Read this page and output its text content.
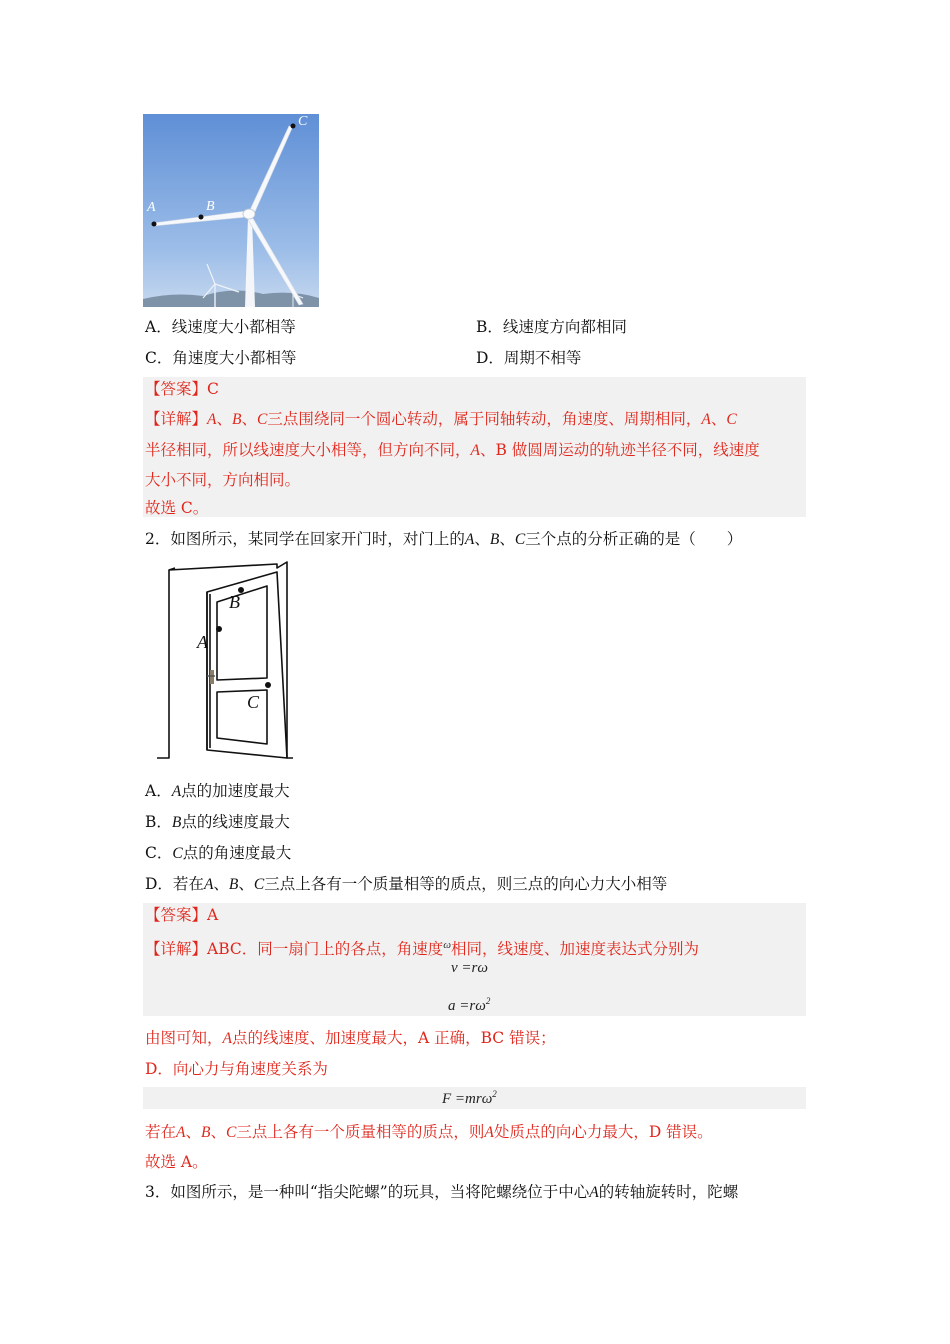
A	B
C
A．线速度大小都相等	B．线速度方向都相同
C．角速度大小都相等	D．周期不相等
【答案】C
【详解】A、B、C三点围绕同一个圆心转动，属于同轴转动，角速度、周期相同，A、C
半径相同，所以线速度大小相等，但方向不同，A、B 做圆周运动的轨迹半径不同，线速度
大小不同，方向相同。
故选 C。
2．如图所示，某同学在回家开门时，对门上的A、B、C三个点的分析正确的是（　　）
B
A
C
A．A点的加速度最大
B．B点的线速度最大
C．C点的角速度最大
D．若在A、B、C三点上各有一个质量相等的质点，则三点的向心力大小相等
【答案】A
【详解】ABC．同一扇门上的各点，角速度$^\omega$相同，线速度、加速度表达式分别为
v =rω
$a =r\omega^2$
由图可知，A点的线速度、加速度最大，A 正确，BC 错误；
D．向心力与角速度关系为
F =mrω$^2$
若在A、B、C三点上各有一个质量相等的质点，则A处质点的向心力最大，D 错误。
故选 A。
3．如图所示，是一种叫“指尖陀螺”的玩具，当将陀螺绕位于中心A的转轴旋转时，陀螺
